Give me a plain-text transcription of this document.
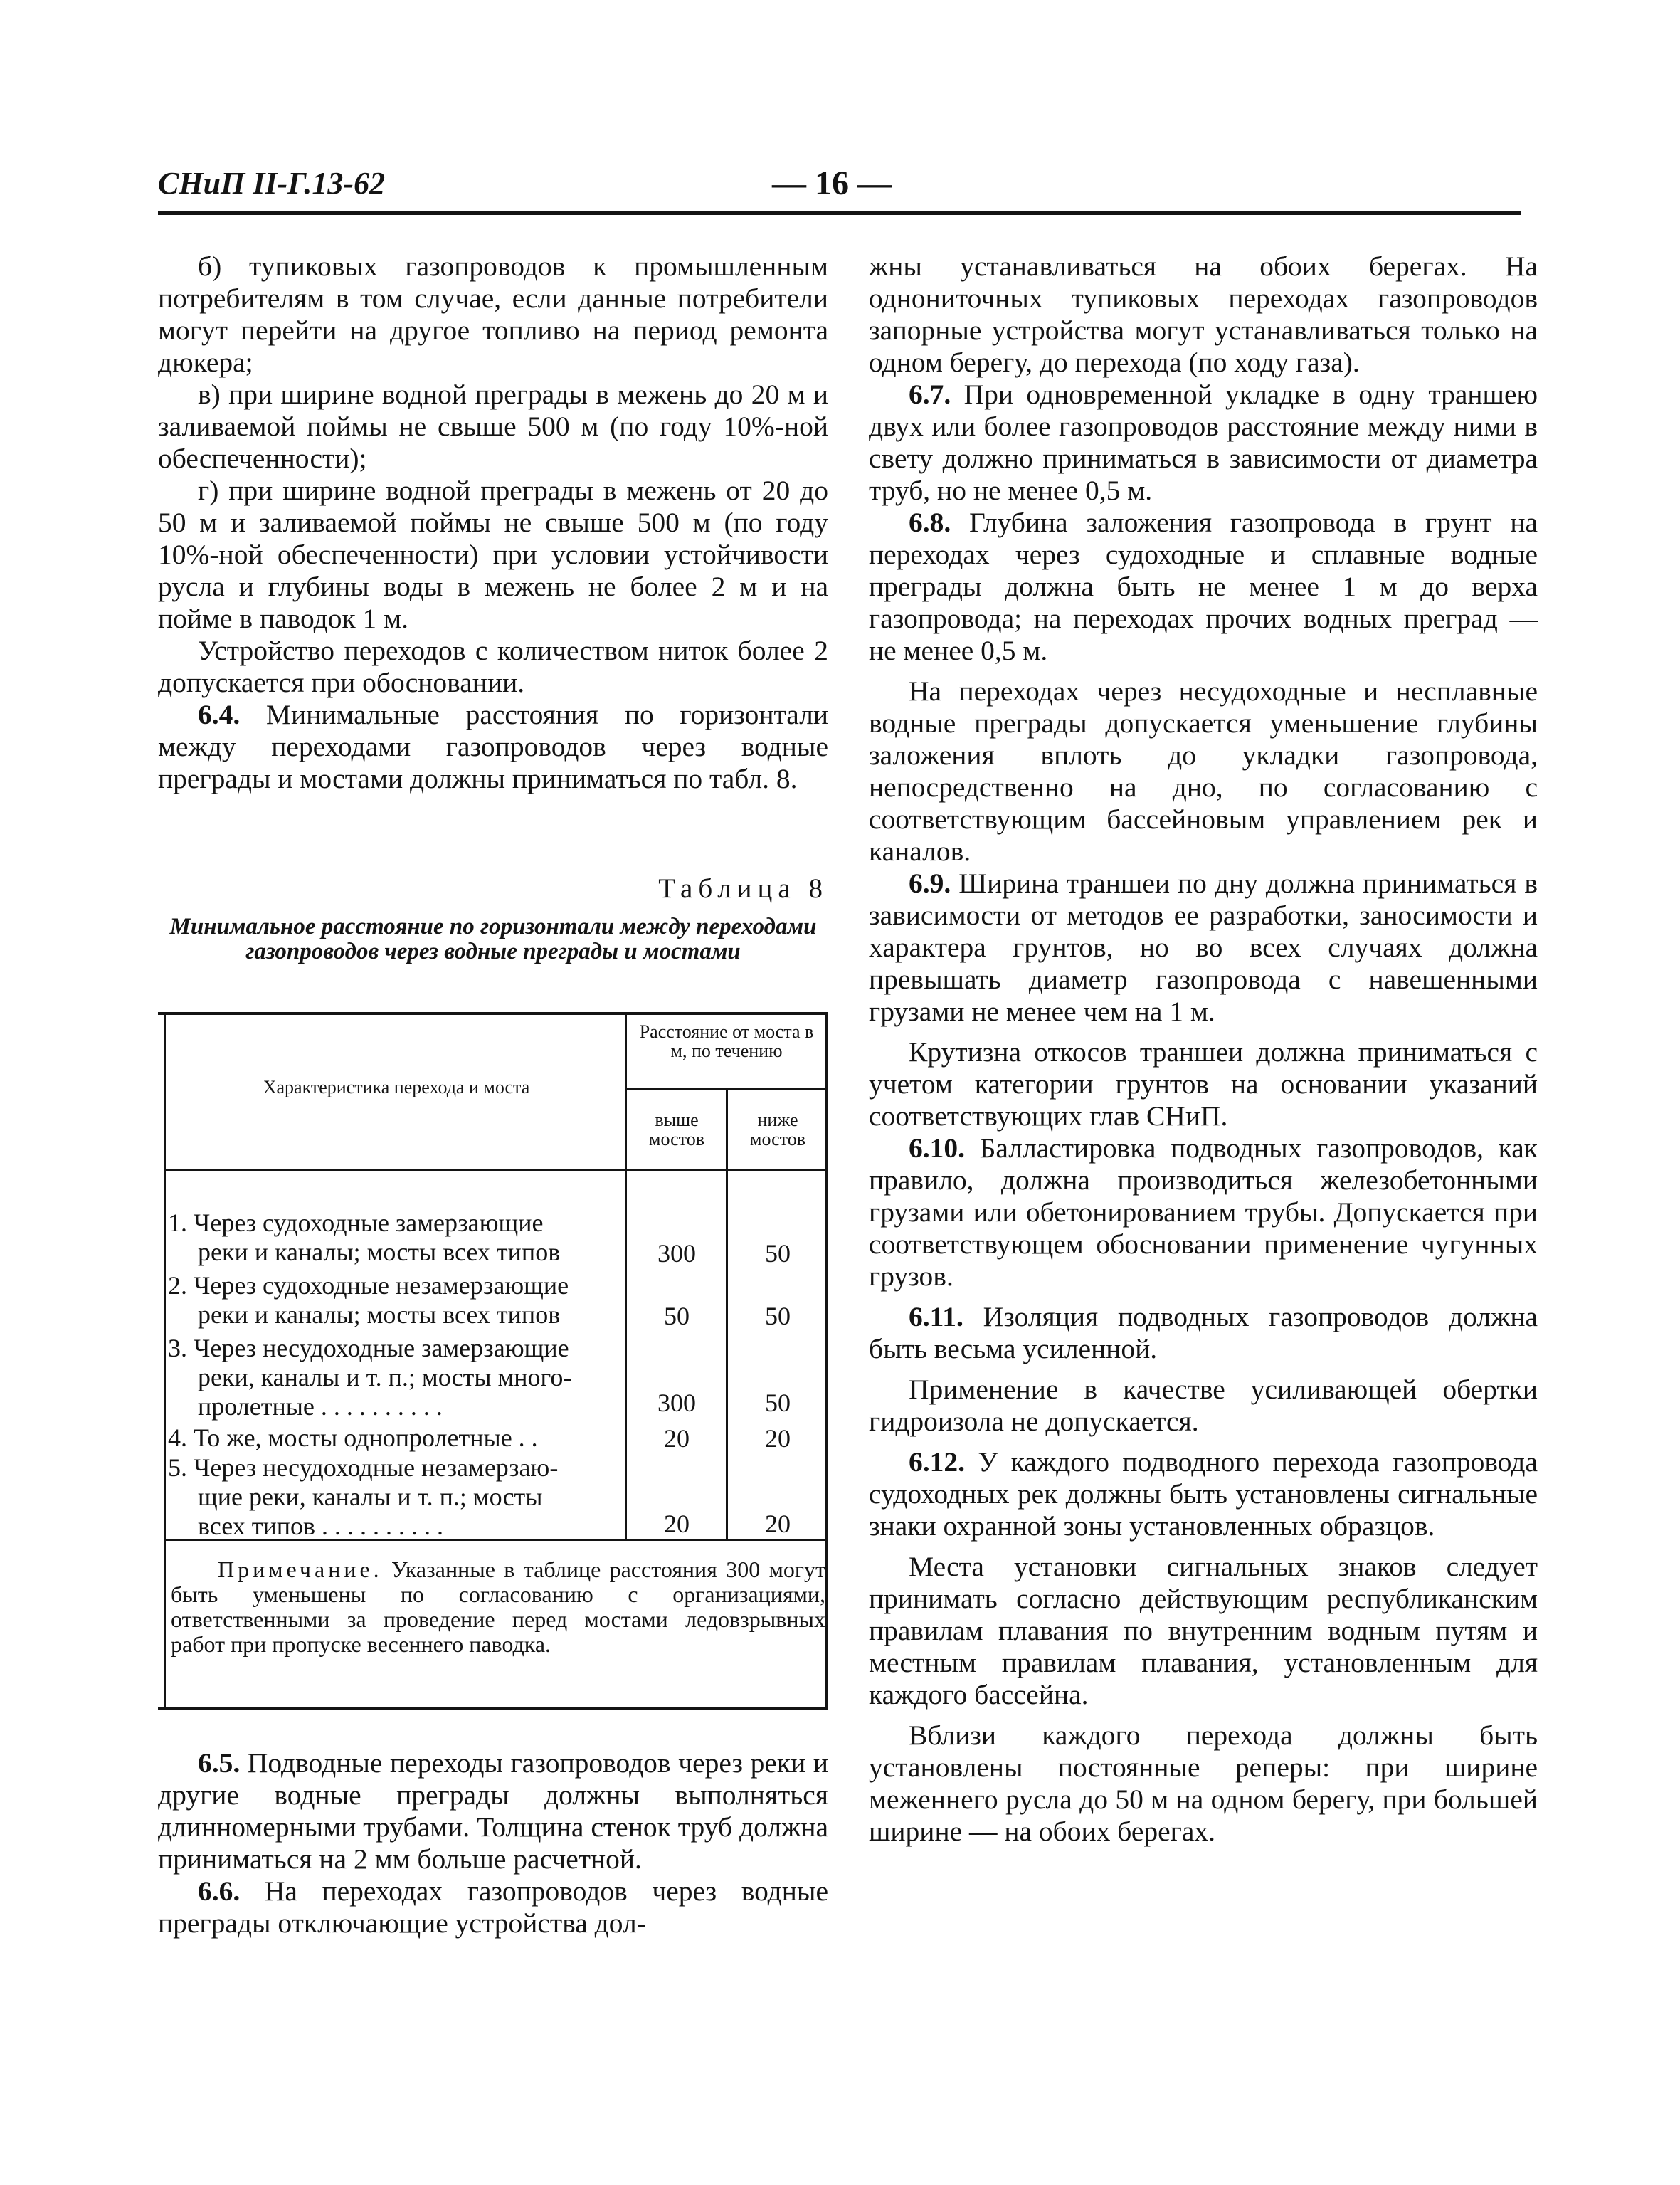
СНиП II-Г.13-62	— 16 —

б) тупиковых газопроводов к промышленным потребителям в том случае, если данные потребители могут перейти на другое топливо на период ремонта дюкера;

в) при ширине водной преграды в межень до 20 м и заливаемой поймы не свыше 500 м (по году 10%-ной обеспеченности);

г) при ширине водной преграды в межень от 20 до 50 м и заливаемой поймы не свыше 500 м (по году 10%-ной обеспеченности) при условии устойчивости русла и глубины воды в межень не более 2 м и на пойме в паводок 1 м.

Устройство переходов с количеством ниток более 2 допускается при обосновании.

6.4. Минимальные расстояния по горизонтали между переходами газопроводов через водные преграды и мостами должны приниматься по табл. 8.

Таблица 8
Минимальное расстояние по горизонтали между переходами газопроводов через водные преграды и мостами
Характеристика перехода и моста
Расстояние от моста в м, по течению
выше мостов
ниже мостов
1. Через судоходные замерзающие
реки и каналы; мосты всех типов	300	50
2. Через судоходные незамерзающие
реки и каналы; мосты всех типов	50	50
3. Через несудоходные замерзающие
реки, каналы и т. п.; мосты много-
пролетные . . . . . . . . . .	300	50
4. То же, мосты однопролетные . .	20	20
5. Через несудоходные незамерзаю-
щие реки, каналы и т. п.; мосты
всех типов . . . . . . . . . .	20	20
Примечание. Указанные в таблице расстояния 300 могут быть уменьшены по согласованию с организациями, ответственными за проведение перед мостами ледовзрывных работ при пропуске весеннего паводка.

6.5. Подводные переходы газопроводов через реки и другие водные преграды должны выполняться длинномерными трубами. Толщина стенок труб должна приниматься на 2 мм больше расчетной.

6.6. На переходах газопроводов через водные преграды отключающие устройства дол-

жны устанавливаться на обоих берегах. На однониточных тупиковых переходах газопроводов запорные устройства могут устанавливаться только на одном берегу, до перехода (по ходу газа).

6.7. При одновременной укладке в одну траншею двух или более газопроводов расстояние между ними в свету должно приниматься в зависимости от диаметра труб, но не менее 0,5 м.

6.8. Глубина заложения газопровода в грунт на переходах через судоходные и сплавные водные преграды должна быть не менее 1 м до верха газопровода; на переходах прочих водных преград — не менее 0,5 м.

На переходах через несудоходные и несплавные водные преграды допускается уменьшение глубины заложения вплоть до укладки газопровода, непосредственно на дно, по согласованию с соответствующим бассейновым управлением рек и каналов.

6.9. Ширина траншеи по дну должна приниматься в зависимости от методов ее разработки, заносимости и характера грунтов, но во всех случаях должна превышать диаметр газопровода с навешенными грузами не менее чем на 1 м.

Крутизна откосов траншеи должна приниматься с учетом категории грунтов на основании указаний соответствующих глав СНиП.

6.10. Балластировка подводных газопроводов, как правило, должна производиться железобетонными грузами или обетонированием трубы. Допускается при соответствующем обосновании применение чугунных грузов.

6.11. Изоляция подводных газопроводов должна быть весьма усиленной.

Применение в качестве усиливающей обертки гидроизола не допускается.

6.12. У каждого подводного перехода газопровода судоходных рек должны быть установлены сигнальные знаки охранной зоны установленных образцов.

Места установки сигнальных знаков следует принимать согласно действующим республиканским правилам плавания по внутренним водным путям и местным правилам плавания, установленным для каждого бассейна.

Вблизи каждого перехода должны быть установлены постоянные реперы: при ширине меженнего русла до 50 м на одном берегу, при большей ширине — на обоих берегах.
